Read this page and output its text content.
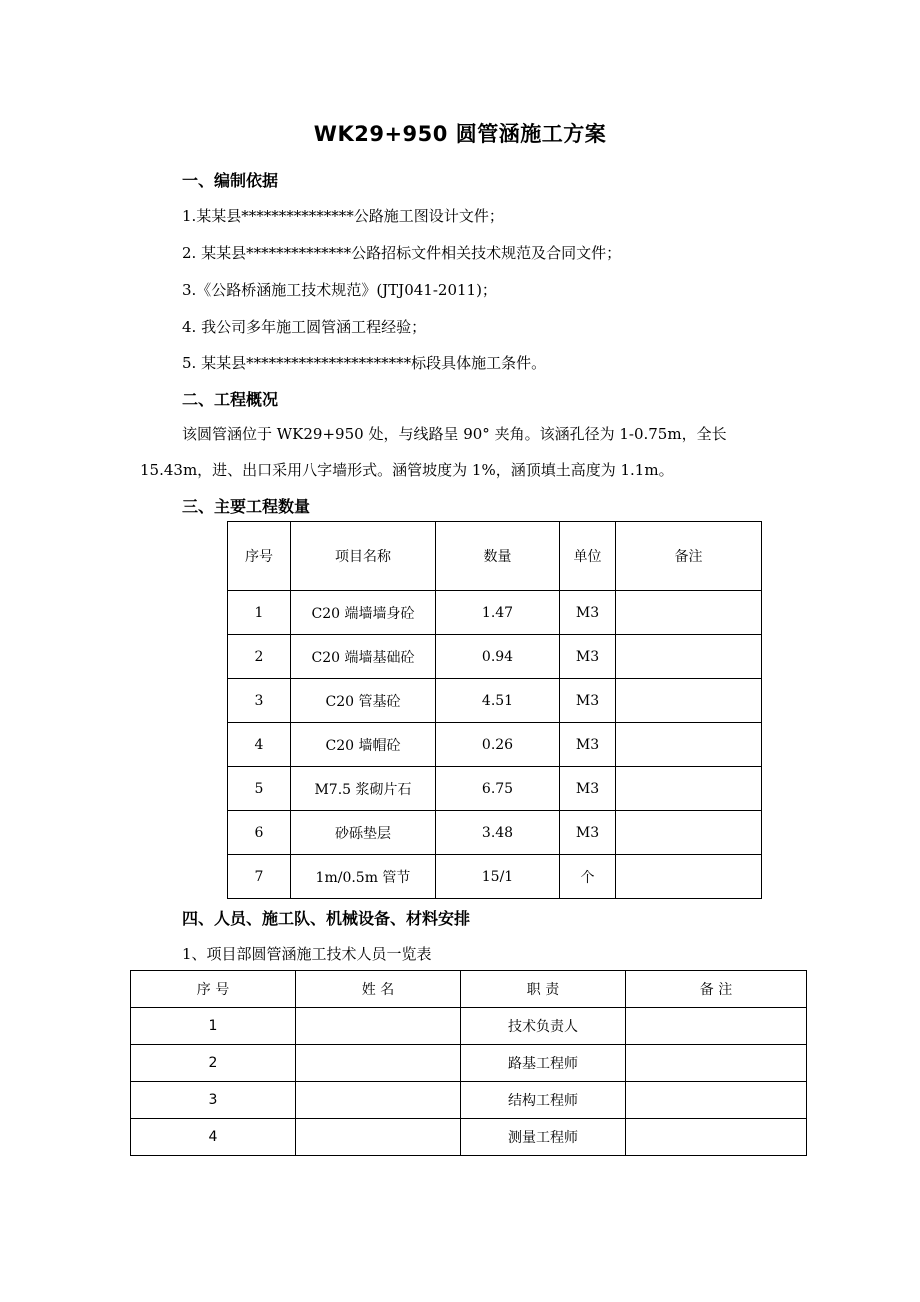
WK29+950 圆管涵施工方案
一、编制依据
1.某某县***************公路施工图设计文件；
2. 某某县**************公路招标文件相关技术规范及合同文件；
3.《公路桥涵施工技术规范》(JTJ041-2011)；
4. 我公司多年施工圆管涵工程经验；
5. 某某县**********************标段具体施工条件。
二、工程概况
该圆管涵位于 WK29+950 处，与线路呈 90° 夹角。该涵孔径为 1-0.75m，全长
15.43m，进、出口采用八字墙形式。涵管坡度为 1%，涵顶填土高度为 1.1m。
三、主要工程数量
序号	项目名称	数量	单位	备注
1	C20 端墙墙身砼	1.47	M3	
2	C20 端墙基础砼	0.94	M3	
3	C20 管基砼	4.51	M3	
4	C20 墙帽砼	0.26	M3	
5	M7.5 浆砌片石	6.75	M3	
6	砂砾垫层	3.48	M3	
7	1m/0.5m 管节	15/1	个	
四、人员、施工队、机械设备、材料安排
1、项目部圆管涵施工技术人员一览表
序 号	姓 名	职 责	备 注
1		技术负责人	
2		路基工程师	
3		结构工程师	
4		测量工程师	
